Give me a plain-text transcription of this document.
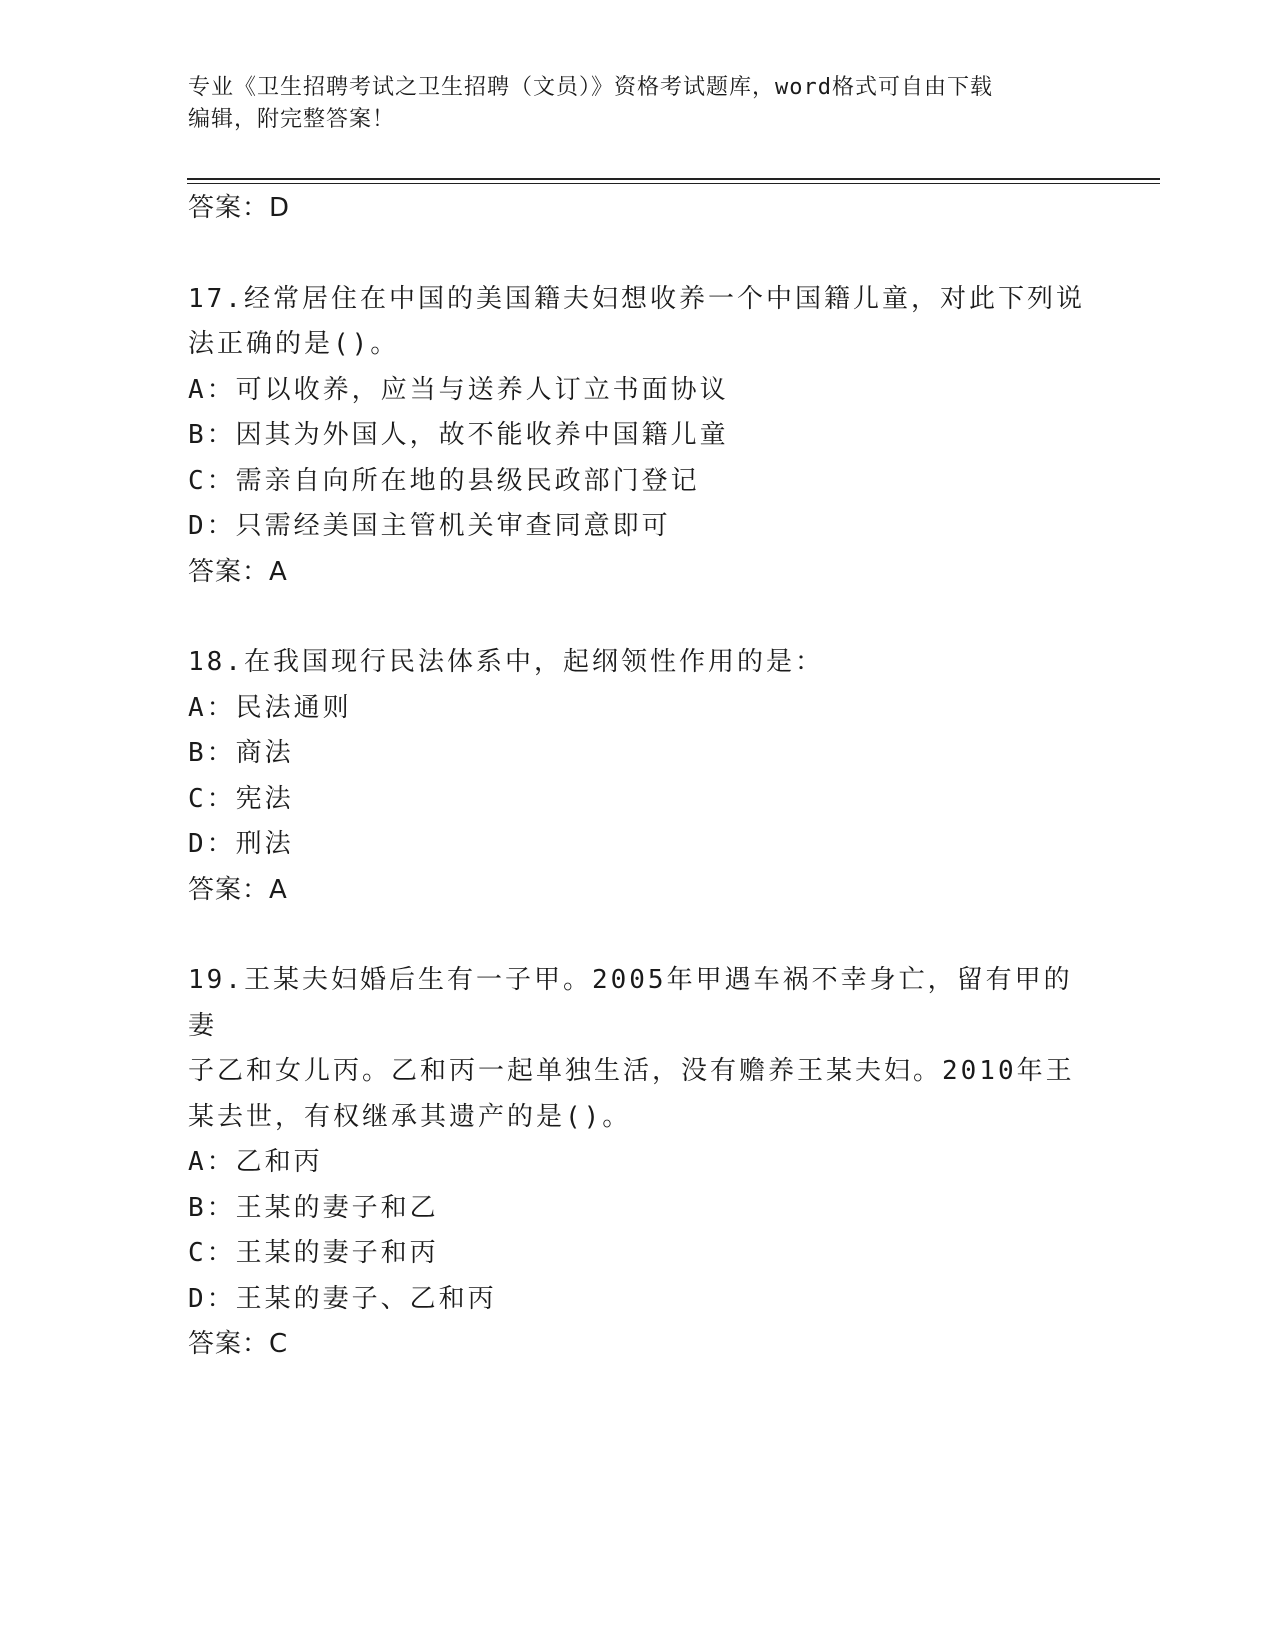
专业《卫生招聘考试之卫生招聘（文员）》资格考试题库，word格式可自由下载
编辑，附完整答案！
答案：D
17.经常居住在中国的美国籍夫妇想收养一个中国籍儿童，对此下列说
法正确的是()。
A：可以收养，应当与送养人订立书面协议
B：因其为外国人，故不能收养中国籍儿童
C：需亲自向所在地的县级民政部门登记
D：只需经美国主管机关审查同意即可
答案：A
18.在我国现行民法体系中，起纲领性作用的是：
A：民法通则
B：商法
C：宪法
D：刑法
答案：A
19.王某夫妇婚后生有一子甲。2005年甲遇车祸不幸身亡，留有甲的妻
子乙和女儿丙。乙和丙一起单独生活，没有赡养王某夫妇。2010年王
某去世，有权继承其遗产的是()。
A：乙和丙
B：王某的妻子和乙
C：王某的妻子和丙
D：王某的妻子、乙和丙
答案：C
